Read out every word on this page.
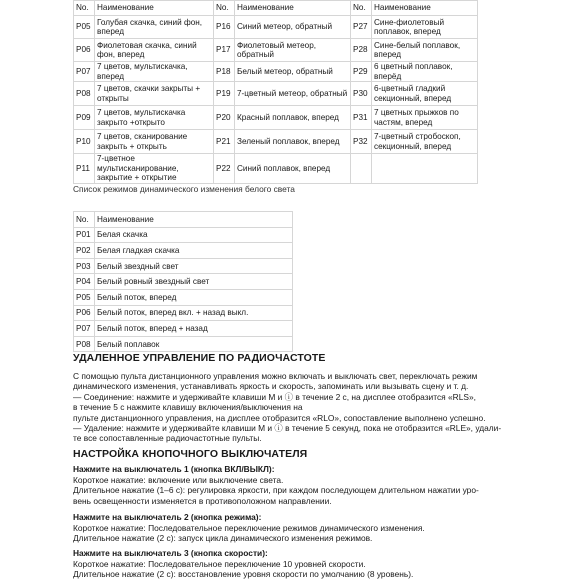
No.	Наименование	No.	Наименование	No.	Наименование
P05	Голубая скачка, синий фон, вперед	P16	Синий метеор, обратный	P27	Сине-фиолетовый поплавок, вперед
P06	Фиолетовая скачка, синий фон, вперед	P17	Фиолетовый метеор, обратный	P28	Сине-белый поплавок, вперед
P07	7 цветов, мультискачка, вперед	P18	Белый метеор, обратный	P29	6 цветный поплавок, вперёд
P08	7 цветов, скачки закрыты + открыты	P19	7-цветный метеор, обратный	P30	6-цветный гладкий секционный, вперед
P09	7 цветов, мультискачка закрыто +открыто	P20	Красный поплавок, вперед	P31	7 цветных прыжков по частям, вперед
P10	7 цветов, сканирование закрыть + открыть	P21	Зеленый поплавок, вперед	P32	7-цветный стробоскоп, секционный, вперед
P11	7-цветное мультисканирование, закрытие + открытие	P22	Синий поплавок, вперед		
Список режимов динамического изменения белого света
No.	Наименование
P01	Белая скачка
P02	Белая гладкая скачка
P03	Белый звездный свет
P04	Белый ровный звездный свет
P05	Белый поток, вперед
P06	Белый поток, вперед вкл. + назад выкл.
P07	Белый поток, вперед + назад
P08	Белый поплавок
УДАЛЕННОЕ УПРАВЛЕНИЕ ПО РАДИОЧАСТОТЕ

С помощью пульта дистанционного управления можно включать и выключать свет, переключать режим

динамического изменения, устанавливать яркость и скорость, запоминать или вызывать сцену и т. д.

— Соединение: нажмите и удерживайте клавиши M и ⓘ в течение 2 с, на дисплее отобразится «RLS»,

в течение 5 с нажмите клавишу включения/выключения на

пульте дистанционного управления, на дисплее отобразится «RLO», сопоставление выполнено успешно.

— Удаление: нажмите и удерживайте клавиши M и ⓘ в течение 5 секунд, пока не отобразится «RLE», удали-

те все сопоставленные радиочастотные пульты.

НАСТРОЙКА КНОПОЧНОГО ВЫКЛЮЧАТЕЛЯ
Нажмите на выключатель 1 (кнопка ВКЛ/ВЫКЛ):
Короткое нажатие: включение или выключение света.
Длительное нажатие (1–6 с): регулировка яркости, при каждом последующем длительном нажатии уро-
вень освещенности изменяется в противоположном направлении.
Нажмите на выключатель 2 (кнопка режима):
Короткое нажатие: Последовательное переключение режимов динамического изменения.
Длительное нажатие (2 с): запуск цикла динамического изменения режимов.
Нажмите на выключатель 3 (кнопка скорости):
Короткое нажатие: Последовательное переключение 10 уровней скорости.
Длительное нажатие (2 с): восстановление уровня скорости по умолчанию (8 уровень).
